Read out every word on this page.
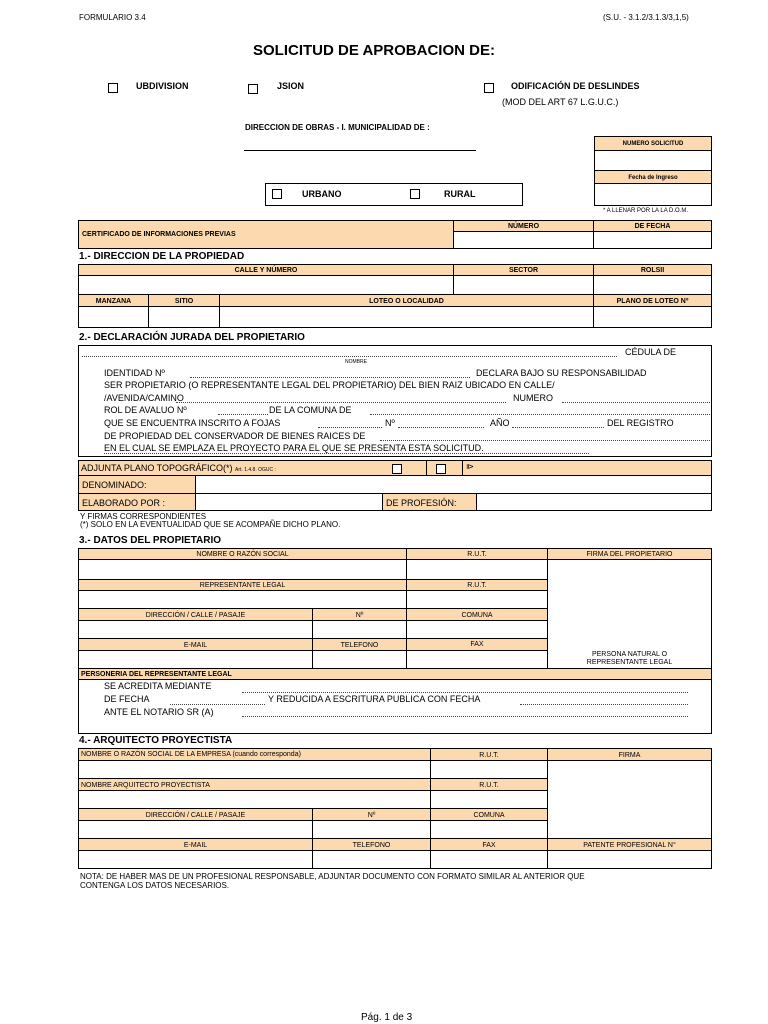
FORMULARIO 3.4	(S.U. - 3.1.2/3.1.3/3,1,5)
SOLICITUD DE APROBACION DE:
UBDIVISION	JSION	ODIFICACIÓN DE DESLINDES
(MOD DEL ART 67 L.G.U.C.)
DIRECCION DE OBRAS - I. MUNICIPALIDAD DE :
NUMERO SOLICITUD
Fecha de Ingreso
* A LLENAR POR LA LA D.O.M.
URBANO	RURAL
CERTIFICADO DE INFORMACIONES PREVIAS
NÚMERO	DE FECHA
1.- DIRECCION DE LA PROPIEDAD
CALLE Y NÚMERO	SECTOR	ROLSII
MANZANA	SITIO	LOTEO O LOCALIDAD	PLANO DE LOTEO Nº
2.- DECLARACIÓN JURADA DEL PROPIETARIO
CÉDULA DE
NOMBRE
IDENTIDAD Nº	DECLARA BAJO SU RESPONSABILIDAD
SER PROPIETARIO (O REPRESENTANTE LEGAL DEL PROPIETARIO) DEL BIEN RAIZ UBICADO EN CALLE/
/AVENIDA/CAMINO	NUMERO
ROL DE AVALUO Nº	DE LA COMUNA DE
QUE SE ENCUENTRA INSCRITO A FOJAS	Nº	AÑO	DEL REGISTRO
DE PROPIEDAD DEL CONSERVADOR DE BIENES RAICES DE
EN EL CUAL SE EMPLAZA EL PROYECTO PARA EL QUE SE PRESENTA ESTA SOLICITUD.
ADJUNTA PLANO TOPOGRÁFICO(*) Art. 1.4.8. OGUC :	⧐
DENOMINADO:
ELABORADO POR :	DE PROFESIÓN:
Y FIRMAS CORRESPONDIENTES
(*) SOLO EN LA EVENTUALIDAD QUE SE ACOMPAÑE DICHO PLANO.
3.- DATOS DEL PROPIETARIO
NOMBRE O RAZÓN SOCIAL	R.U.T.	FIRMA DEL PROPIETARIO
PERSONA NATURAL O
REPRESENTANTE LEGAL
REPRESENTANTE LEGAL	R.U.T.
DIRECCIÓN / CALLE / PASAJE	Nº	COMUNA
E-MAIL	TELEFONO	FAX
PERSONERIA DEL REPRESENTANTE LEGAL
SE ACREDITA MEDIANTE
DE FECHA	Y REDUCIDA A ESCRITURA PUBLICA CON FECHA
ANTE EL NOTARIO SR (A)
4.- ARQUITECTO PROYECTISTA
NOMBRE O RAZÓN SOCIAL DE LA EMPRESA (cuando corresponda)	R.U.T.	FIRMA
NOMBRE ARQUITECTO PROYECTISTA	R.U.T.
DIRECCIÓN / CALLE / PASAJE	Nº	COMUNA
E-MAIL	TELEFONO	FAX	PATENTE PROFESIONAL N°
NOTA: DE HABER MAS DE UN PROFESIONAL RESPONSABLE, ADJUNTAR DOCUMENTO CON FORMATO SIMILAR AL ANTERIOR QUE
CONTENGA LOS DATOS NECESARIOS.
Pág. 1 de 3
